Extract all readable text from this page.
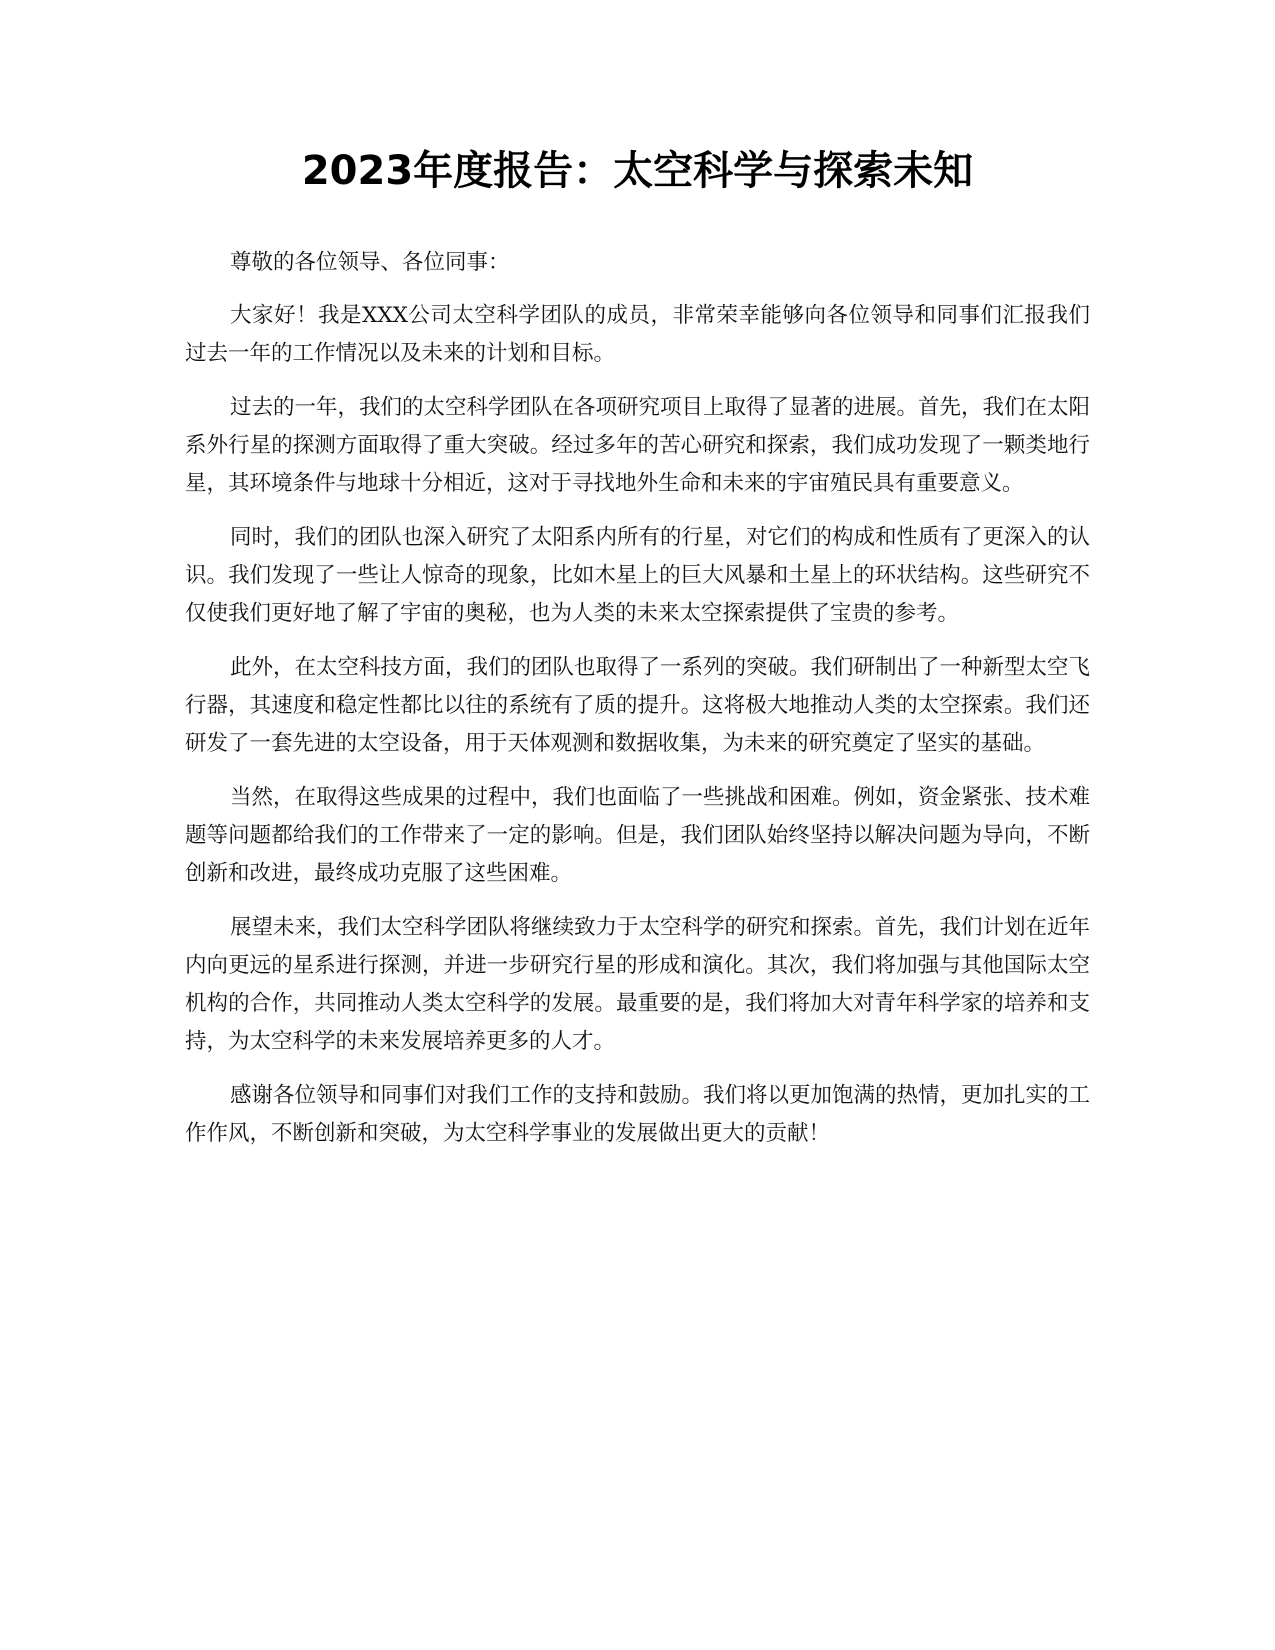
2023年度报告：太空科学与探索未知

尊敬的各位领导、各位同事：

大家好！我是XXX公司太空科学团队的成员，非常荣幸能够向各位领导和同事们汇报我们过去一年的工作情况以及未来的计划和目标。

过去的一年，我们的太空科学团队在各项研究项目上取得了显著的进展。首先，我们在太阳系外行星的探测方面取得了重大突破。经过多年的苦心研究和探索，我们成功发现了一颗类地行星，其环境条件与地球十分相近，这对于寻找地外生命和未来的宇宙殖民具有重要意义。

同时，我们的团队也深入研究了太阳系内所有的行星，对它们的构成和性质有了更深入的认识。我们发现了一些让人惊奇的现象，比如木星上的巨大风暴和土星上的环状结构。这些研究不仅使我们更好地了解了宇宙的奥秘，也为人类的未来太空探索提供了宝贵的参考。

此外，在太空科技方面，我们的团队也取得了一系列的突破。我们研制出了一种新型太空飞行器，其速度和稳定性都比以往的系统有了质的提升。这将极大地推动人类的太空探索。我们还研发了一套先进的太空设备，用于天体观测和数据收集，为未来的研究奠定了坚实的基础。

当然，在取得这些成果的过程中，我们也面临了一些挑战和困难。例如，资金紧张、技术难题等问题都给我们的工作带来了一定的影响。但是，我们团队始终坚持以解决问题为导向，不断创新和改进，最终成功克服了这些困难。

展望未来，我们太空科学团队将继续致力于太空科学的研究和探索。首先，我们计划在近年内向更远的星系进行探测，并进一步研究行星的形成和演化。其次，我们将加强与其他国际太空机构的合作，共同推动人类太空科学的发展。最重要的是，我们将加大对青年科学家的培养和支持，为太空科学的未来发展培养更多的人才。

感谢各位领导和同事们对我们工作的支持和鼓励。我们将以更加饱满的热情，更加扎实的工作作风，不断创新和突破，为太空科学事业的发展做出更大的贡献！
